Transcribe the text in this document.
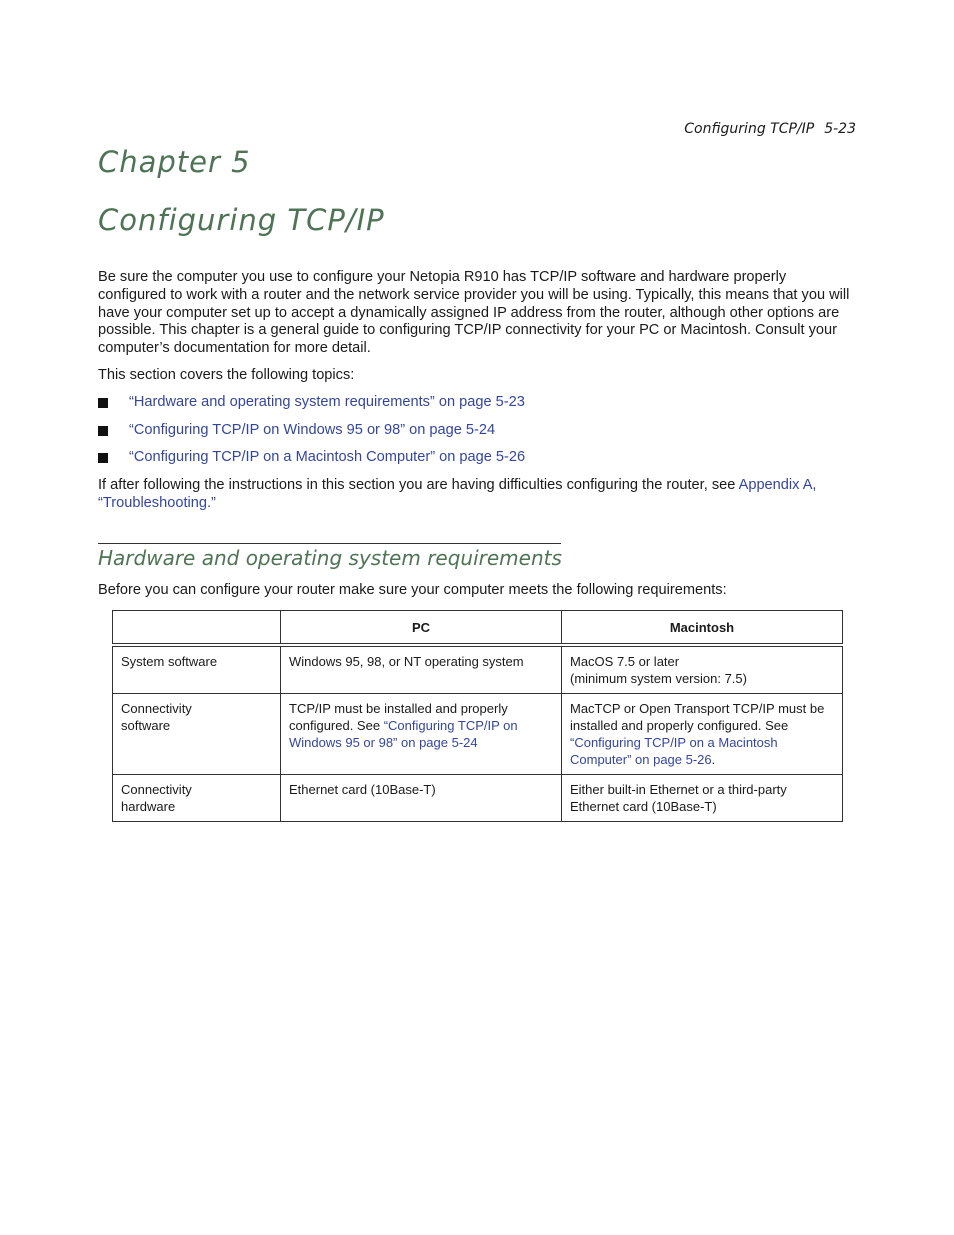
Configuring TCP/IP 5-23
Chapter 5
Configuring TCP/IP

Be sure the computer you use to configure your Netopia R910 has TCP/IP software and hardware properly configured to work with a router and the network service provider you will be using. Typically, this means that you will have your computer set up to accept a dynamically assigned IP address from the router, although other options are possible. This chapter is a general guide to configuring TCP/IP connectivity for your PC or Macintosh. Consult your computer’s documentation for more detail.

This section covers the following topics:

“Hardware and operating system requirements” on page 5-23
“Configuring TCP/IP on Windows 95 or 98” on page 5-24
“Configuring TCP/IP on a Macintosh Computer” on page 5-26

If after following the instructions in this section you are having difficulties configuring the router, see Appendix A, “Troubleshooting.”

Hardware and operating system requirements

Before you can configure your router make sure your computer meets the following requirements:

	PC	Macintosh
System software	Windows 95, 98, or NT operating system	MacOS 7.5 or later
(minimum system version: 7.5)
Connectivity software	TCP/IP must be installed and properly configured. See “Configuring TCP/IP on Windows 95 or 98” on page 5-24	MacTCP or Open Transport TCP/IP must be installed and properly configured. See “Configuring TCP/IP on a Macintosh Computer” on page 5-26.
Connectivity hardware	Ethernet card (10Base-T)	Either built-in Ethernet or a third-party Ethernet card (10Base-T)
